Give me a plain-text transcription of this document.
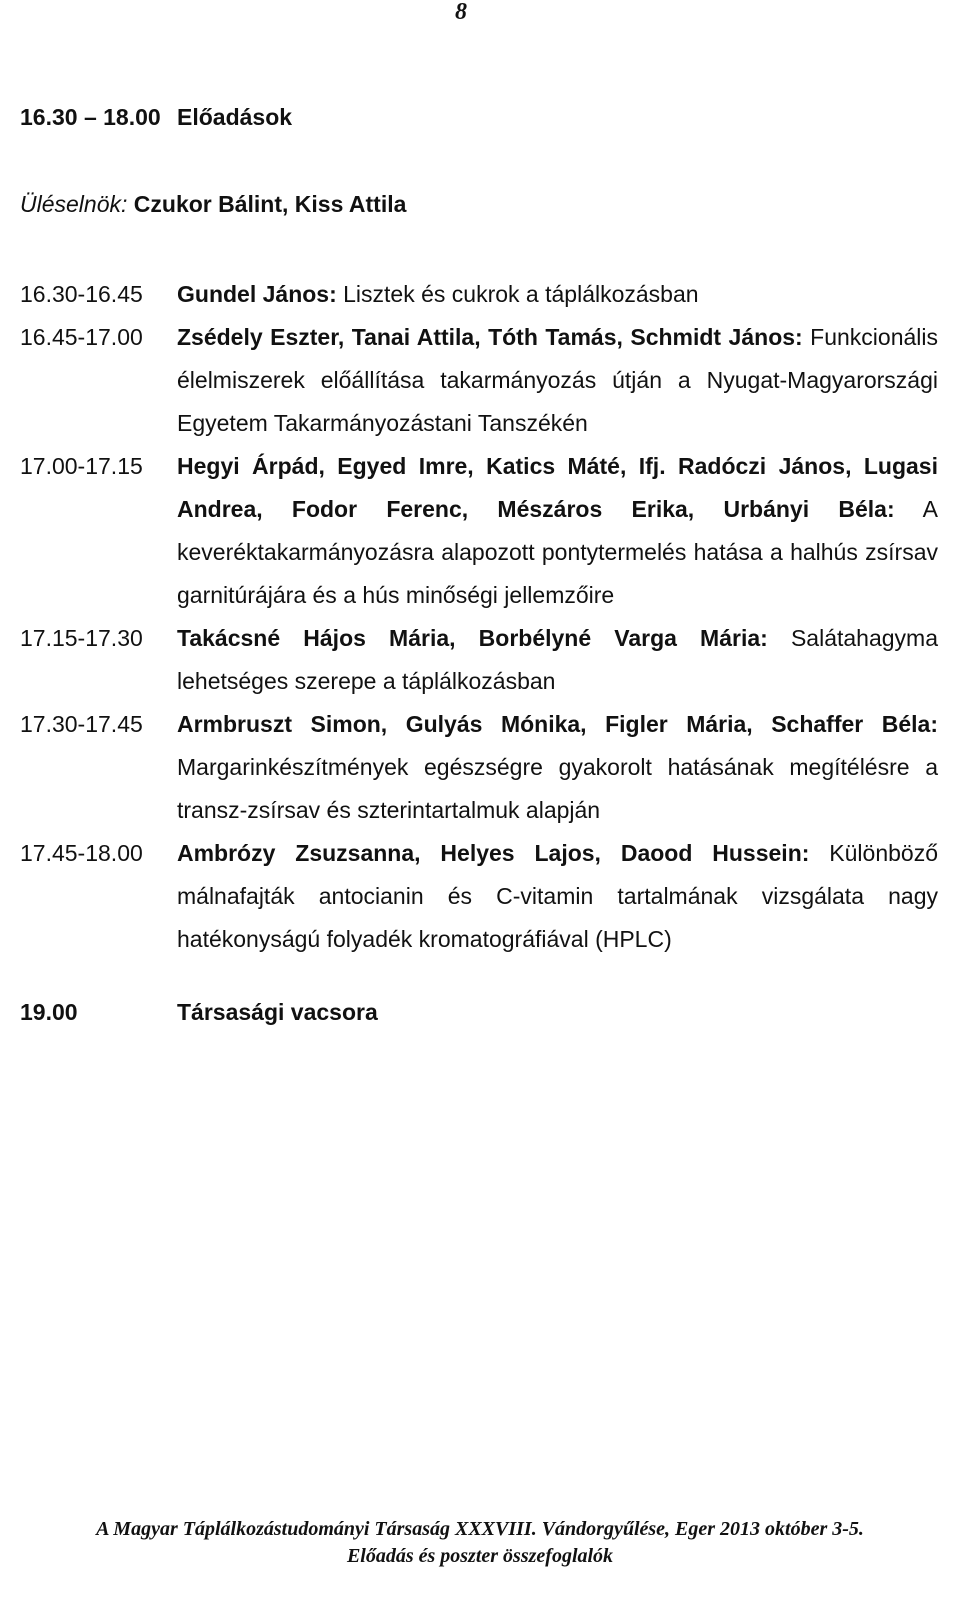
8
16.30 – 18.00 Előadások
Üléselnök: Czukor Bálint, Kiss Attila
16.30-16.45 Gundel János: Lisztek és cukrok a táplálkozásban
16.45-17.00 Zsédely Eszter, Tanai Attila, Tóth Tamás, Schmidt János: Funkcionális élelmiszerek előállítása takarmányozás útján a Nyugat-Magyarországi Egyetem Takarmányozástani Tanszékén
17.00-17.15 Hegyi Árpád, Egyed Imre, Katics Máté, Ifj. Radóczi János, Lugasi Andrea, Fodor Ferenc, Mészáros Erika, Urbányi Béla: A keveréktakarmányozásra alapozott pontytermelés hatása a halhús zsírsav garnitúrájára és a hús minőségi jellemzőire
17.15-17.30 Takácsné Hájos Mária, Borbélyné Varga Mária: Salátahagyma lehetséges szerepe a táplálkozásban
17.30-17.45 Armbruszt Simon, Gulyás Mónika, Figler Mária, Schaffer Béla: Margarinkészítmények egészségre gyakorolt hatásának megítélésre a transz-zsírsav és szterintartalmuk alapján
17.45-18.00 Ambrózy Zsuzsanna, Helyes Lajos, Daood Hussein: Különböző málnafajták antocianin és C-vitamin tartalmának vizsgálata nagy hatékonyságú folyadék kromatográfiával (HPLC)
19.00	Társasági vacsora
A Magyar Táplálkozástudományi Társaság XXXVIII. Vándorgyűlése, Eger 2013 október 3-5.
Előadás és poszter összefoglalók
